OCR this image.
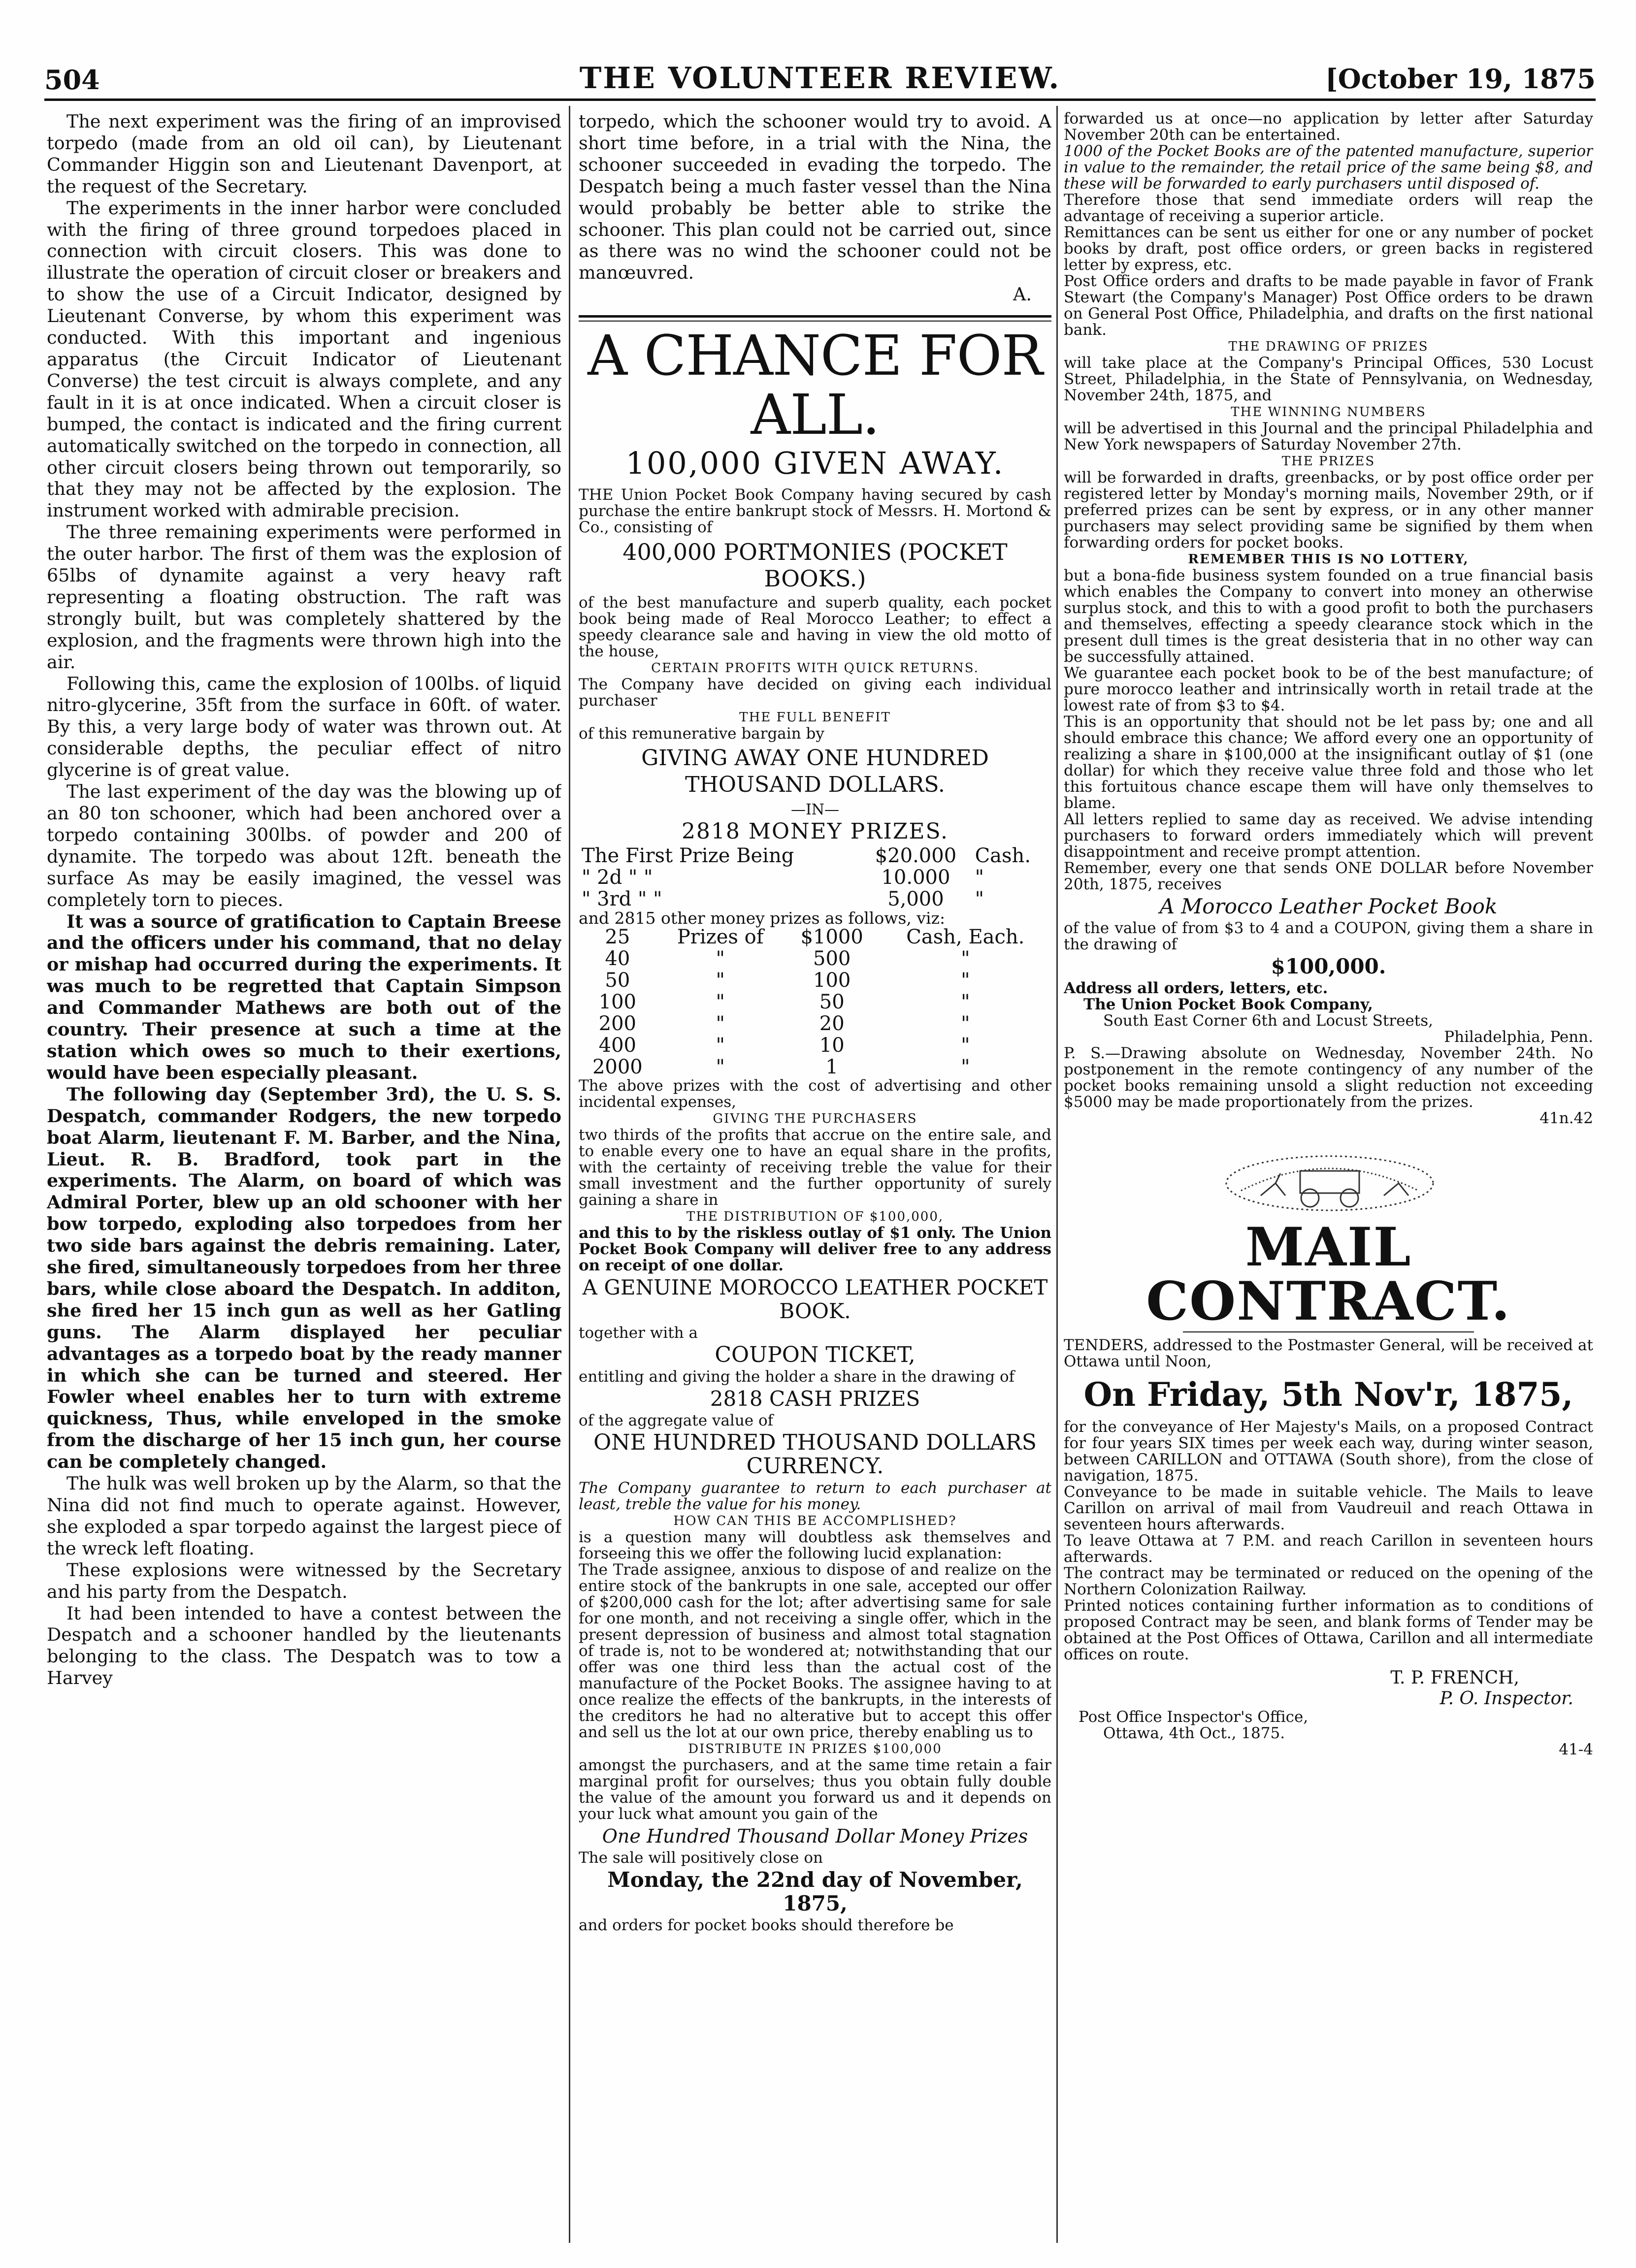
504	THE VOLUNTEER REVIEW.	[October 19, 1875

The next experiment was the firing of an improvised torpedo (made from an old oil can), by Lieutenant Commander Higgin son and Lieutenant Davenport, at the request of the Secretary.

The experiments in the inner harbor were concluded with the firing of three ground torpedoes placed in connection with circuit closers. This was done to illustrate the operation of circuit closer or breakers and to show the use of a Circuit Indicator, designed by Lieutenant Converse, by whom this experiment was conducted. With this important and ingenious apparatus (the Circuit Indicator of Lieutenant Converse) the test circuit is always complete, and any fault in it is at once indicated. When a circuit closer is bumped, the contact is indicated and the firing current automatically switched on the torpedo in connection, all other circuit closers being thrown out temporarily, so that they may not be affected by the explosion. The instrument worked with admirable precision.

The three remaining experiments were performed in the outer harbor. The first of them was the explosion of 65lbs of dynamite against a very heavy raft representing a floating obstruction. The raft was strongly built, but was completely shattered by the explosion, and the fragments were thrown high into the air.

Following this, came the explosion of 100lbs. of liquid nitro-glycerine, 35ft from the surface in 60ft. of water. By this, a very large body of water was thrown out. At considerable depths, the peculiar effect of nitro glycerine is of great value.

The last experiment of the day was the blowing up of an 80 ton schooner, which had been anchored over a torpedo containing 300lbs. of powder and 200 of dynamite. The torpedo was about 12ft. beneath the surface As may be easily imagined, the vessel was completely torn to pieces.

It was a source of gratification to Captain Breese and the officers under his command, that no delay or mishap had occurred during the experiments. It was much to be regretted that Captain Simpson and Commander Mathews are both out of the country. Their presence at such a time at the station which owes so much to their exertions, would have been especially pleasant.

The following day (September 3rd), the U. S. S. Despatch, commander Rodgers, the new torpedo boat Alarm, lieutenant F. M. Barber, and the Nina, Lieut. R. B. Bradford, took part in the experiments. The Alarm, on board of which was Admiral Porter, blew up an old schooner with her bow torpedo, exploding also torpedoes from her two side bars against the debris remaining. Later, she fired, simultaneously torpedoes from her three bars, while close aboard the Despatch. In additon, she fired her 15 inch gun as well as her Gatling guns. The Alarm displayed her peculiar advantages as a torpedo boat by the ready manner in which she can be turned and steered. Her Fowler wheel enables her to turn with extreme quickness, Thus, while enveloped in the smoke from the discharge of her 15 inch gun, her course can be completely changed.

The hulk was well broken up by the Alarm, so that the Nina did not find much to operate against. However, she exploded a spar torpedo against the largest piece of the wreck left floating.

These explosions were witnessed by the Secretary and his party from the Despatch.

It had been intended to have a contest between the Despatch and a schooner handled by the lieutenants belonging to the class. The Despatch was to tow a Harvey

torpedo, which the schooner would try to avoid. A short time before, in a trial with the Nina, the schooner succeeded in evading the torpedo. The Despatch being a much faster vessel than the Nina would probably be better able to strike the schooner. This plan could not be carried out, since as there was no wind the schooner could not be manœuvred.

A.

A CHANCE FOR ALL.

100,000 GIVEN AWAY.

THE Union Pocket Book Company having secured by cash purchase the entire bankrupt stock of Messrs. H. Mortond & Co., consisting of

400,000 PORTMONIES (POCKET BOOKS.)

of the best manufacture and superb quality, each pocket book being made of Real Morocco Leather; to effect a speedy clearance sale and having in view the old motto of the house,

CERTAIN PROFITS WITH QUICK RETURNS.

The Company have decided on giving each individual purchaser

THE FULL BENEFIT

of this remunerative bargain by

GIVING AWAY ONE HUNDRED THOUSAND DOLLARS.

—IN—

2818 MONEY PRIZES.

The First Prize Being	$20.000	Cash.
" 2d " "	10.000	"
" 3rd " "	5,000	"

and 2815 other money prizes as follows, viz:

25	Prizes of	$1000	Cash, Each.
40	"	500	"
50	"	100	"
100	"	50	"
200	"	20	"
400	"	10	"
2000	"	1	"

The above prizes with the cost of advertising and other incidental expenses,

GIVING THE PURCHASERS

two thirds of the profits that accrue on the entire sale, and to enable every one to have an equal share in the profits, with the certainty of receiving treble the value for their small investment and the further opportunity of surely gaining a share in

THE DISTRIBUTION OF $100,000,

and this to by the riskless outlay of $1 only. The Union Pocket Book Company will deliver free to any address on receipt of one dollar.

A GENUINE MOROCCO LEATHER POCKET BOOK.

together with a

COUPON TICKET,

entitling and giving the holder a share in the drawing of

2818 CASH PRIZES

of the aggregate value of

ONE HUNDRED THOUSAND DOLLARS CURRENCY.

The Company guarantee to return to each purchaser at least, treble the value for his money.

HOW CAN THIS BE ACCOMPLISHED?

is a question many will doubtless ask themselves and forseeing this we offer the following lucid explanation:

The Trade assignee, anxious to dispose of and realize on the entire stock of the bankrupts in one sale, accepted our offer of $200,000 cash for the lot; after advertising same for sale for one month, and not receiving a single offer, which in the present depression of business and almost total stagnation of trade is, not to be wondered at; notwithstanding that our offer was one third less than the actual cost of the manufacture of the Pocket Books. The assignee having to at once realize the effects of the bankrupts, in the interests of the creditors he had no alterative but to accept this offer and sell us the lot at our own price, thereby enabling us to

DISTRIBUTE IN PRIZES $100,000

amongst the purchasers, and at the same time retain a fair marginal profit for ourselves; thus you obtain fully double the value of the amount you forward us and it depends on your luck what amount you gain of the

One Hundred Thousand Dollar Money Prizes

The sale will positively close on

Monday, the 22nd day of November, 1875,

and orders for pocket books should therefore be

forwarded us at once—no application by letter after Saturday November 20th can be entertained.

1000 of the Pocket Books are of the patented manufacture, superior in value to the remainder, the retail price of the same being $8, and these will be forwarded to early purchasers until disposed of.

Therefore those that send immediate orders will reap the advantage of receiving a superior article.

Remittances can be sent us either for one or any number of pocket books by draft, post office orders, or green backs in registered letter by express, etc.

Post Office orders and drafts to be made payable in favor of Frank Stewart (the Company's Manager) Post Office orders to be drawn on General Post Office, Philadelphia, and drafts on the first national bank.

THE DRAWING OF PRIZES

will take place at the Company's Principal Offices, 530 Locust Street, Philadelphia, in the State of Pennsylvania, on Wednesday, November 24th, 1875, and

THE WINNING NUMBERS

will be advertised in this Journal and the principal Philadelphia and New York newspapers of Saturday November 27th.

THE PRIZES

will be forwarded in drafts, greenbacks, or by post office order per registered letter by Monday's morning mails, November 29th, or if preferred prizes can be sent by express, or in any other manner purchasers may select providing same be signified by them when forwarding orders for pocket books.

REMEMBER THIS IS NO LOTTERY,

but a bona-fide business system founded on a true financial basis which enables the Company to convert into money an otherwise surplus stock, and this to with a good profit to both the purchasers and themselves, effecting a speedy clearance stock which in the present dull times is the great desisteria that in no other way can be successfully attained.

We guarantee each pocket book to be of the best manufacture; of pure morocco leather and intrinsically worth in retail trade at the lowest rate of from $3 to $4.

This is an opportunity that should not be let pass by; one and all should embrace this chance; We afford every one an opportunity of realizing a share in $100,000 at the insignificant outlay of $1 (one dollar) for which they receive value three fold and those who let this fortuitous chance escape them will have only themselves to blame.

All letters replied to same day as received. We advise intending purchasers to forward orders immediately which will prevent disappointment and receive prompt attention.

Remember, every one that sends ONE DOLLAR before November 20th, 1875, receives

A Morocco Leather Pocket Book

of the value of from $3 to 4 and a COUPON, giving them a share in the drawing of

$100,000.

Address all orders, letters, etc.

The Union Pocket Book Company,

South East Corner 6th and Locust Streets,

Philadelphia, Penn.

P. S.—Drawing absolute on Wednesday, November 24th. No postponement in the remote contingency of any number of the pocket books remaining unsold a slight reduction not exceeding $5000 may be made proportionately from the prizes.

41n.42

MAIL CONTRACT.

TENDERS, addressed to the Postmaster General, will be received at Ottawa until Noon,

On Friday, 5th Nov'r, 1875,

for the conveyance of Her Majesty's Mails, on a proposed Contract for four years SIX times per week each way, during winter season, between CARILLON and OTTAWA (South shore), from the close of navigation, 1875.

Conveyance to be made in suitable vehicle. The Mails to leave Carillon on arrival of mail from Vaudreuil and reach Ottawa in seventeen hours afterwards.

To leave Ottawa at 7 P.M. and reach Carillon in seventeen hours afterwards.

The contract may be terminated or reduced on the opening of the Northern Colonization Railway.

Printed notices containing further information as to conditions of proposed Contract may be seen, and blank forms of Tender may be obtained at the Post Offices of Ottawa, Carillon and all intermediate offices on route.

T. P. FRENCH,

P. O. Inspector.

Post Office Inspector's Office,

Ottawa, 4th Oct., 1875.

41-4
